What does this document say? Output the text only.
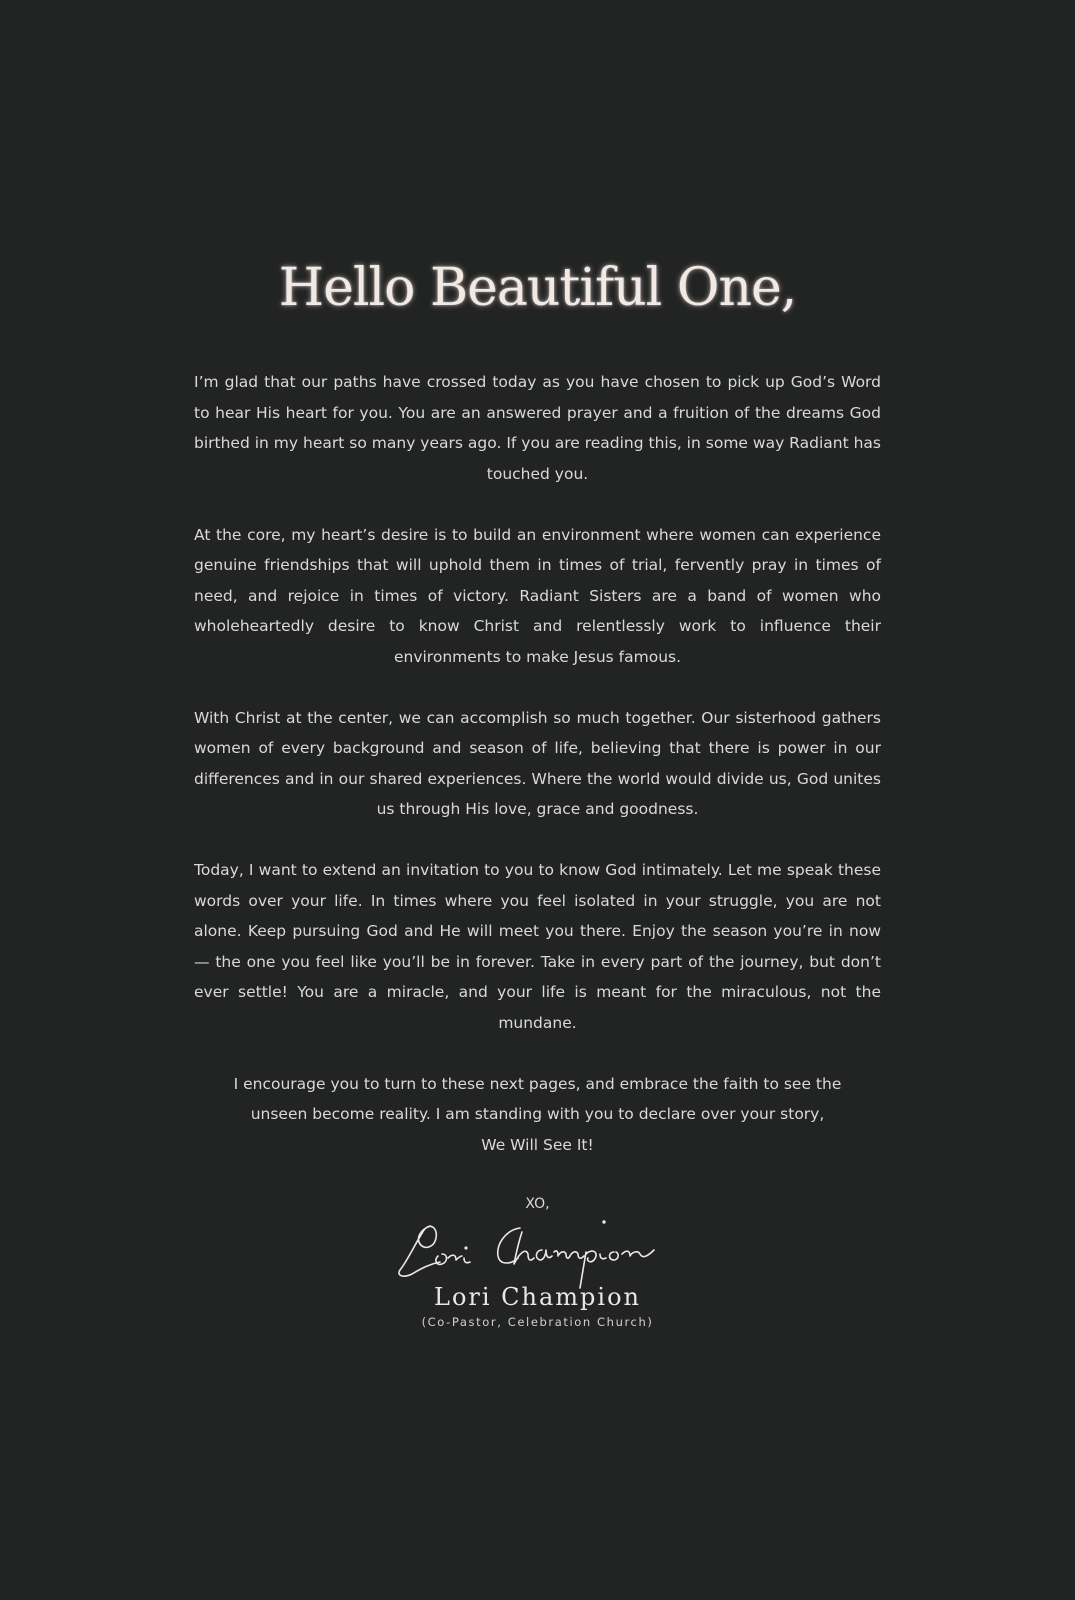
Hello Beautiful One,

I’m glad that our paths have crossed today as you have chosen to pick up God’s Word to hear His heart for you. You are an answered prayer and a fruition of the dreams God birthed in my heart so many years ago. If you are reading this, in some way Radiant has touched you.

At the core, my heart’s desire is to build an environment where women can experience genuine friendships that will uphold them in times of trial, fervently pray in times of need, and rejoice in times of victory. Radiant Sisters are a band of women who wholeheartedly desire to know Christ and relentlessly work to influence their environments to make Jesus famous.

With Christ at the center, we can accomplish so much together. Our sisterhood gathers women of every background and season of life, believing that there is power in our differences and in our shared experiences. Where the world would divide us, God unites us through His love, grace and goodness.

Today, I want to extend an invitation to you to know God intimately. Let me speak these words over your life. In times where you feel isolated in your struggle, you are not alone. Keep pursuing God and He will meet you there. Enjoy the season you’re in now — the one you feel like you’ll be in forever. Take in every part of the journey, but don’t ever settle! You are a miracle, and your life is meant for the miraculous, not the mundane.

I encourage you to turn to these next pages, and embrace the faith to see the
unseen become reality. I am standing with you to declare over your story,
We Will See It!

XO,
Lori Champion
(Co-Pastor, Celebration Church)
